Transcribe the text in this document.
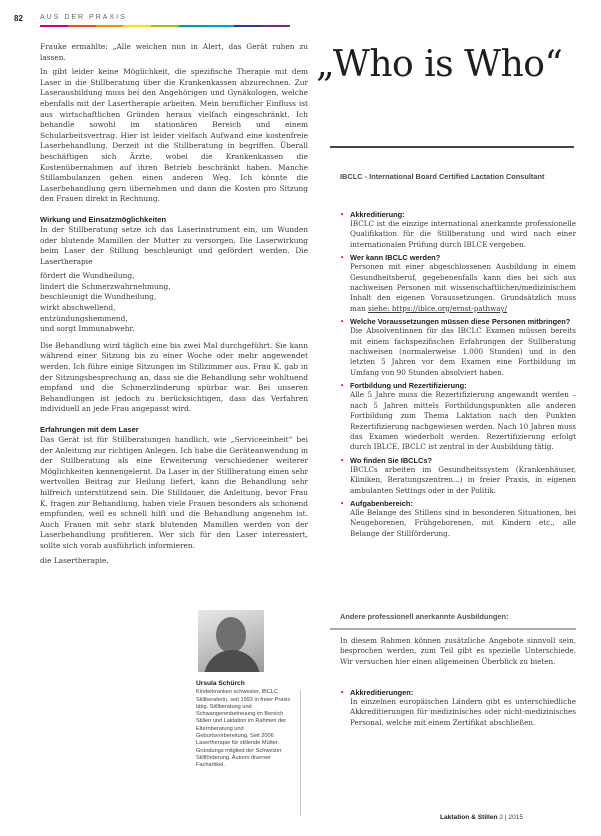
82 AUS DER PRAXIS

Frauke ermahlte: „Alle weichen nun in Alert, das Gerät ruhen zu lassen.

In gibt leider keine Möglichkeit, die spezifische Therapie mit dem Laser in die Stillberatung über die Krankenkassen abzurechnen. Zur Laserausbildung muss bei den Angehörigen und Gynäkologen, welche ebenfalls mit der Lasertherapie arbeiten. Mein beruflicher Einfluss ist aus wirtschaftlichen Gründen heraus vielfach eingeschränkt. Ich behandle sowohl im stationären Bereich und einem Schularbeitsvertrag. Hier ist leider vielfach Aufwand eine kostenfreie Laserbehandlung. Derzeit ist die Stillberatung in begriffen. Überall beschäftigen sich Ärzte, wobei die Krankenkassen die Kostenübernahmen auf ihren Betrieb beschränkt haben. Manche Stillambulanzen gehen einen anderen Weg. Ich könnte die Laserbehandlung gern übernehmen und dann die Kosten pro Sitzung den Frauen direkt in Rechnung.

Wirkung und Einsatzmöglichkeiten

In der Stillberatung setze ich das Laserinstrument ein, um Wunden oder blutende Mamillen der Mutter zu versorgen. Die Laserwirkung beim Laser der Stillung beschleunigt und gefördert werden. Die Lasertherapie

fördert die Wundheilung,
lindert die Schmerzwahrnehmung,
beschleunigt die Wundheilung,
wirkt abschwellend,
entzündungshemmend,
und sorgt Immunabwehr.

Die Behandlung wird täglich eine bis zwei Mal durchgeführt. Sie kann während einer Sitzung bis zu einer Woche oder mehr angewendet werden. Ich führe einige Sitzungen im Stillzimmer aus. Frau K. gab in der Sitzungsbesprechung an, dass sie die Behandlung sehr wohltuend empfand und die Schmerzlinderung spürbar war. Bei unseren Behandlungen ist jedoch zu berücksichtigen, dass das Verfahren individuell an jede Frau angepasst wird.

Erfahrungen mit dem Laser

Das Gerät ist für Stillberatungen handlich, wie „Serviceeinheit“ bei der Anleitung zur richtigen Anlegen. Ich habe die Geräteanwendung in der Stillberatung als eine Erweiterung verschiedener weiterer Möglichkeiten kennengelernt. Da Laser in der Stillberatung einen sehr wertvollen Beitrag zur Heilung liefert, kann die Behandlung sehr hilfreich unterstützend sein. Die Stilldauer, die Anleitung, bevor Frau K. fragen zur Behandlung, haben viele Frauen besonders als schonend empfunden, weil es schnell hilft und die Behandlung angenehm ist. Auch Frauen mit sehr stark blutenden Mamillen werden von der Laserbehandlung profitieren. Wer sich für den Laser interessiert, sollte sich vorab ausführlich informieren.

die Lasertherapie.

Ursula Schürch
Kinderkranken schwester, IBCLC Stillberaterin, seit 1993 in freier Praxis tätig. Stillberatung und Schwangerenbetreuung im Bereich Stillen und Laktation im Rahmen der Elternberatung und Geburtsvorbereitung. Seit 2006 Lasertherapie für stillende Mütter. Gründungs mitglied der Schweizer Stillförderung. Autorin diverser Fachartikel.
„Who is Who“
IBCLC - International Board Certified Lactation Consultant
• Akkreditierung:
IBCLC ist die einzige international anerkannte professionelle Qualifikation für die Stillberatung und wird nach einer internationalen Prüfung durch IBLCE vergeben.
• Wer kann IBCLC werden?
Personen mit einer abgeschlossenen Ausbildung in einem Gesundheitsberuf, gegebenenfalls kann dies bei sich aus nachweisen Personen mit wissenschaftlichen/medizinischem Inhalt den eigenen Voraussetzungen. Grundsätzlich muss man siehe: https://iblce.org/ernst-pathway/
• Welche Voraussetzungen müssen diese Personen mitbringen?
Die Absolventinnen für das IBCLC Examen müssen bereits mit einem fachspezifischen Erfahrungen der Stillberatung nachweisen (normalerweise 1.000 Stunden) und in den letzten 5 Jahren vor dem Examen eine Fortbildung im Umfang von 90 Stunden absolviert haben.
• Fortbildung und Rezertifizierung:
Alle 5 Jahre muss die Rezertifizierung angewandt werden – nach 5 Jahren mittels Fortbildungspunkten alle anderen Fortbildung zum Thema Laktation nach den Punkten Rezertifizierung nachgewiesen werden. Nach 10 Jahren muss das Examen wiederholt werden. Rezertifizierung erfolgt durch IBLCE. IBCLC ist zentral in der Ausbildung tätig.
• Wo finden Sie IBCLCs?
IBCLCs arbeiten im Gesundheitssystem (Krankenhäuser, Kliniken, Beratungszentren...) in freier Praxis, in eigenen ambulanten Settings oder in der Politik.
• Aufgabenbereich:
Alle Belange des Stillens sind in besonderen Situationen, bei Neugeborenen, Frühgeborenen, mit Kindern etc., alle Belange der Stillförderung.
Andere professionell anerkannte Ausbildungen:
In diesem Rahmen können zusätzliche Angebote sinnvoll sein, besprochen werden, zum Teil gibt es spezielle Unterschiede. Wir versuchen hier einen allgemeinen Überblick zu bieten.
• Akkreditierungen:
In einzelnen europäischen Ländern gibt es unterschiedliche Akkreditierungen für medizinisches oder nicht-medizinisches Personal, welche mit einem Zertifikat abschließen.
Laktation & Stillen 2 | 2015
